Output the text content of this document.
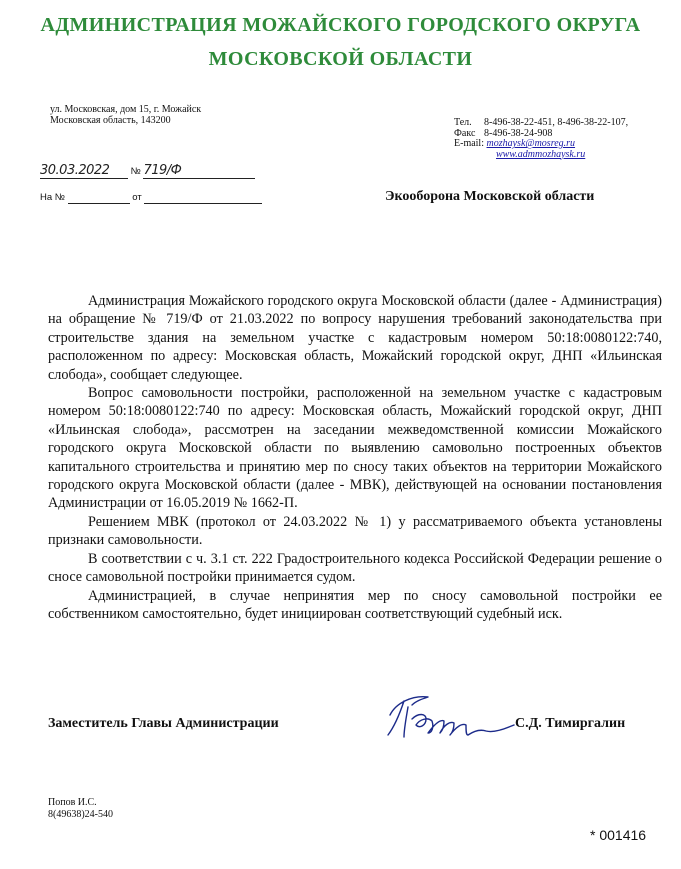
АДМИНИСТРАЦИЯ МОЖАЙСКОГО ГОРОДСКОГО ОКРУГА
МОСКОВСКОЙ ОБЛАСТИ
ул. Московская, дом 15, г. Можайск
Московская область, 143200	Тел. 8-496-38-22-451, 8-496-38-22-107,
Факс 8-496-38-24-908
E-mail: mozhaysk@mosreg.ru
www.admmozhaysk.ru
30.03.2022 № 719/Ф
На №	от	Экооборона Московской области

Администрация Можайского городского округа Московской области (далее - Администрация) на обращение № 719/Ф от 21.03.2022 по вопросу нарушения требований законодательства при строительстве здания на земельном участке с кадастровым номером 50:18:0080122:740, расположенном по адресу: Московская область, Можайский городской округ, ДНП «Ильинская слобода», сообщает следующее.

Вопрос самовольности постройки, расположенной на земельном участке с кадастровым номером 50:18:0080122:740 по адресу: Московская область, Можайский городской округ, ДНП «Ильинская слобода», рассмотрен на заседании межведомственной комиссии Можайского городского округа Московской области по выявлению самовольно построенных объектов капитального строительства и принятию мер по сносу таких объектов на территории Можайского городского округа Московской области (далее - МВК), действующей на основании постановления Администрации от 16.05.2019 № 1662-П.

Решением МВК (протокол от 24.03.2022 № 1) у рассматриваемого объекта установлены признаки самовольности.

В соответствии с ч. 3.1 ст. 222 Градостроительного кодекса Российской Федерации решение о сносе самовольной постройки принимается судом.

Администрацией, в случае непринятия мер по сносу самовольной постройки ее собственником самостоятельно, будет инициирован соответствующий судебный иск.

Заместитель Главы Администрации	С.Д. Тимиргалин
Попов И.С.
8(49638)24-540
* 001416
